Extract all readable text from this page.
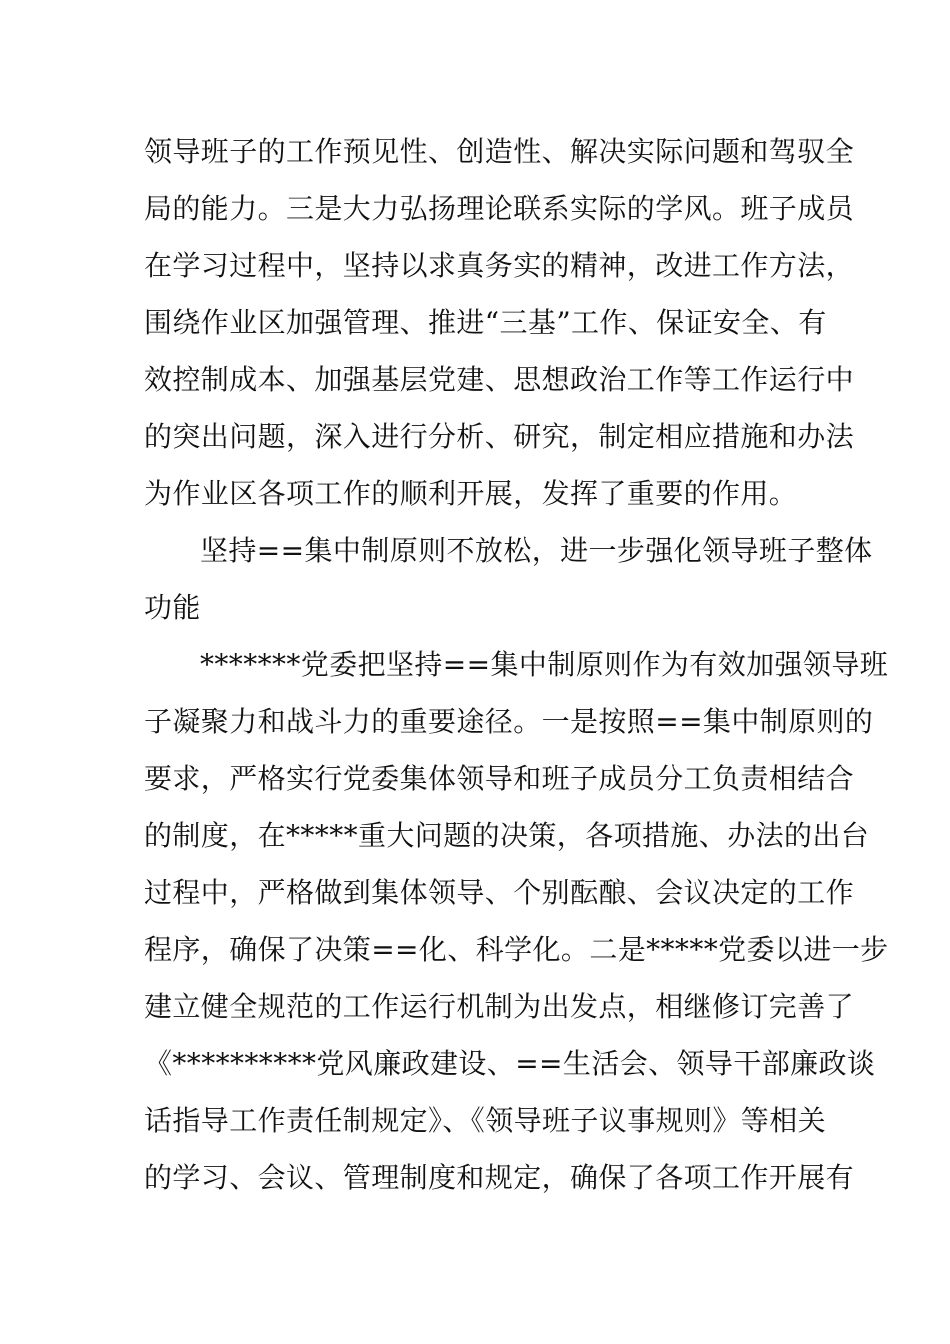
领导班子的工作预见性、创造性、解决实际问题和驾驭全
局的能力。三是大力弘扬理论联系实际的学风。班子成员
在学习过程中，坚持以求真务实的精神，改进工作方法，
围绕作业区加强管理、推进“三基”工作、保证安全、有
效控制成本、加强基层党建、思想政治工作等工作运行中
的突出问题，深入进行分析、研究，制定相应措施和办法
为作业区各项工作的顺利开展，发挥了重要的作用。
坚持==集中制原则不放松，进一步强化领导班子整体
功能
*******党委把坚持==集中制原则作为有效加强领导班
子凝聚力和战斗力的重要途径。一是按照==集中制原则的
要求，严格实行党委集体领导和班子成员分工负责相结合
的制度，在*****重大问题的决策，各项措施、办法的出台
过程中，严格做到集体领导、个别酝酿、会议决定的工作
程序，确保了决策==化、科学化。二是*****党委以进一步
建立健全规范的工作运行机制为出发点，相继修订完善了
《**********党风廉政建设、==生活会、领导干部廉政谈
话指导工作责任制规定》、《领导班子议事规则》等相关
的学习、会议、管理制度和规定，确保了各项工作开展有
